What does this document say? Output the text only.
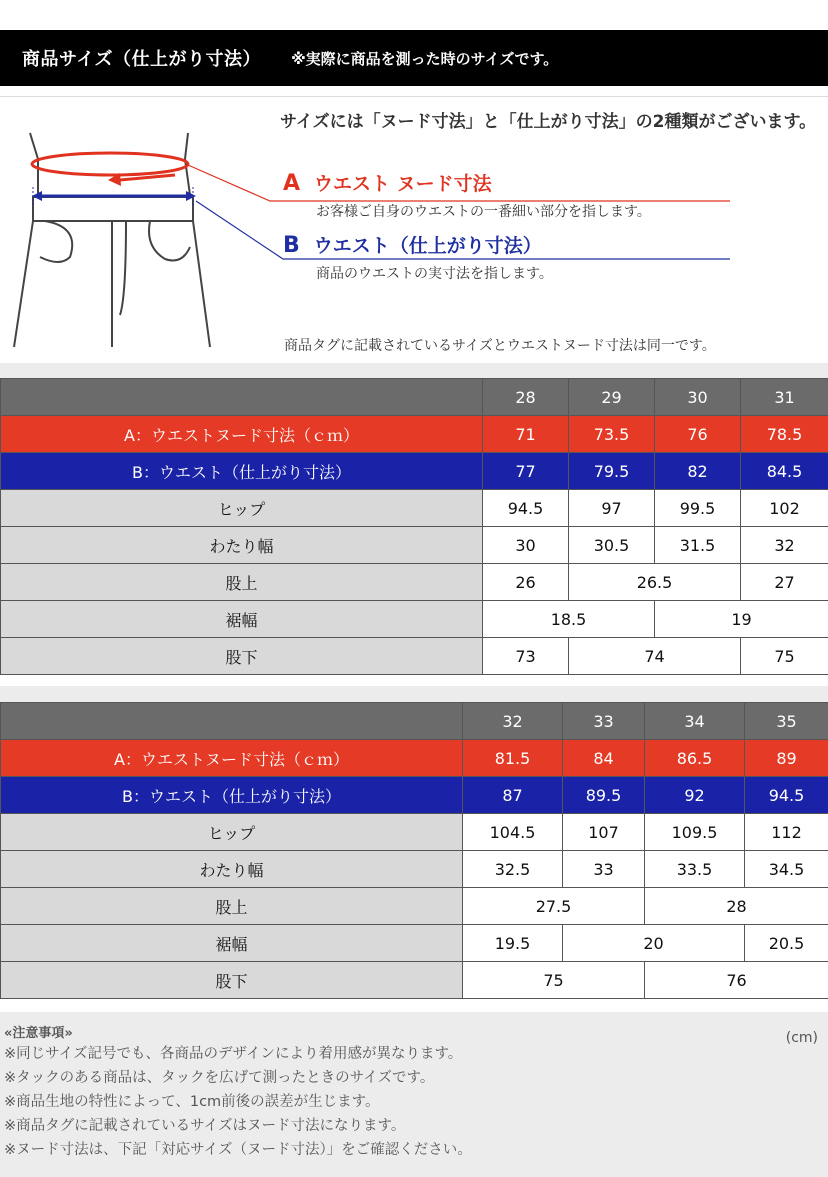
商品サイズ（仕上がり寸法） ※実際に商品を測った時のサイズです。
サイズには「ヌード寸法」と「仕上がり寸法」の2種類がございます。
A ウエスト ヌード寸法
お客様ご自身のウエストの一番細い部分を指します。
B ウエスト（仕上がり寸法）
商品のウエストの実寸法を指します。
商品タグに記載されているサイズとウエストヌード寸法は同一です。
	28	29	30	31
A：ウエストヌード寸法（ｃｍ）	71	73.5	76	78.5
B：ウエスト（仕上がり寸法）	77	79.5	82	84.5
ヒップ	94.5	97	99.5	102
わたり幅	30	30.5	31.5	32
股上	26	26.5		27
裾幅	18.5		19	
股下	73	74		75
	32	33	34	35
A：ウエストヌード寸法（ｃｍ）	81.5	84	86.5	89
B：ウエスト（仕上がり寸法）	87	89.5	92	94.5
ヒップ	104.5	107	109.5	112
わたり幅	32.5	33	33.5	34.5
股上	27.5		28	
裾幅	19.5	20		20.5
股下	75		76	
«注意事項»	(cm)
※同じサイズ記号でも、各商品のデザインにより着用感が異なります。
※タックのある商品は、タックを広げて測ったときのサイズです。
※商品生地の特性によって、1cm前後の誤差が生じます。
※商品タグに記載されているサイズはヌード寸法になります。
※ヌード寸法は、下記「対応サイズ（ヌード寸法）」をご確認ください。
